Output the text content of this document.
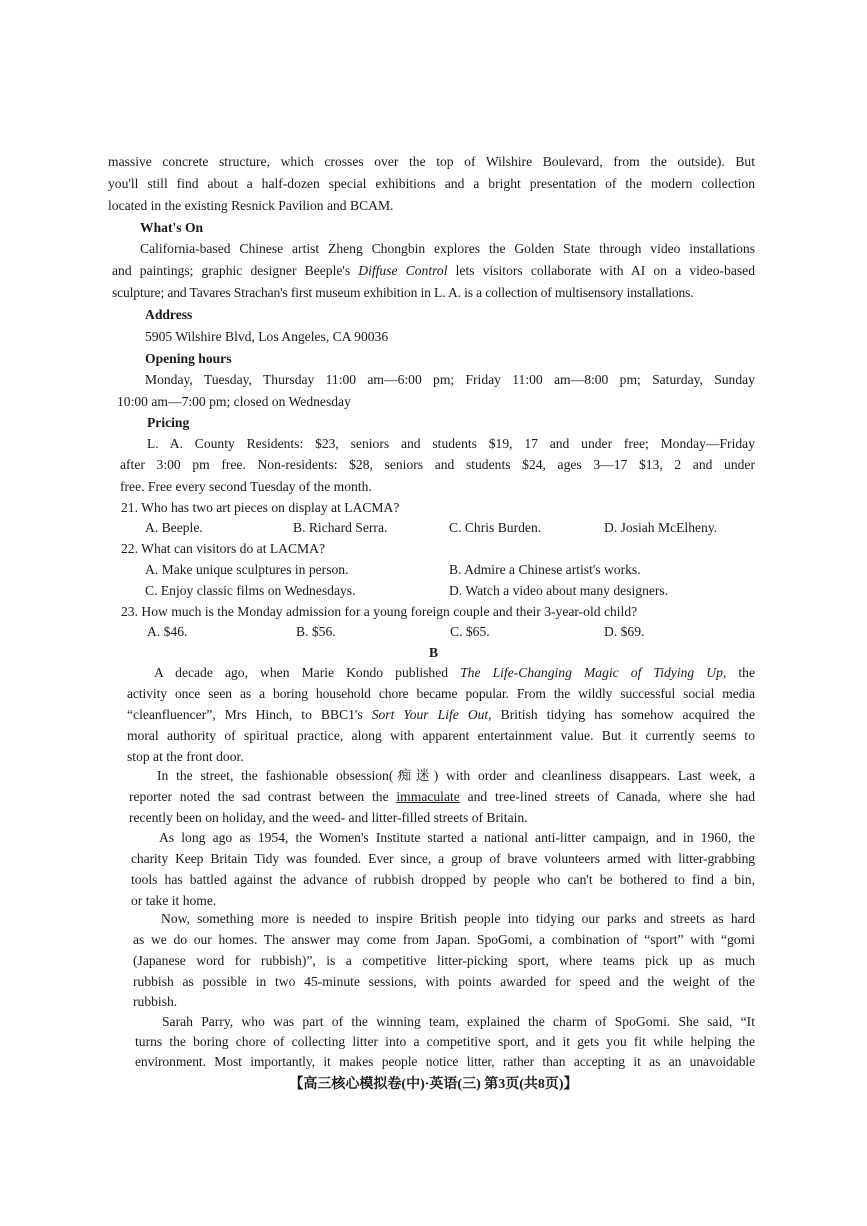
massive concrete structure, which crosses over the top of Wilshire Boulevard, from the outside). But

you'll still find about a half-dozen special exhibitions and a bright presentation of the modern collection

located in the existing Resnick Pavilion and BCAM.

What's On

California-based Chinese artist Zheng Chongbin explores the Golden State through video installations

and paintings; graphic designer Beeple's Diffuse Control lets visitors collaborate with AI on a video-based

sculpture; and Tavares Strachan's first museum exhibition in L. A. is a collection of multisensory installations.

Address

5905 Wilshire Blvd, Los Angeles, CA 90036

Opening hours

Monday, Tuesday, Thursday 11:00 am—6:00 pm; Friday 11:00 am—8:00 pm; Saturday, Sunday

10:00 am—7:00 pm; closed on Wednesday

Pricing

L. A. County Residents: $23, seniors and students $19, 17 and under free; Monday—Friday

after 3:00 pm free. Non-residents: $28, seniors and students $24, ages 3—17 $13, 2 and under

free. Free every second Tuesday of the month.

21. Who has two art pieces on display at LACMA?

A. Beeple.	B. Richard Serra.	C. Chris Burden.	D. Josiah McElheny.

22. What can visitors do at LACMA?

A. Make unique sculptures in person.	B. Admire a Chinese artist's works.
C. Enjoy classic films on Wednesdays.	D. Watch a video about many designers.

23. How much is the Monday admission for a young foreign couple and their 3-year-old child?

A. $46.	B. $56.	C. $65.	D. $69.

B

A decade ago, when Marie Kondo published The Life-Changing Magic of Tidying Up, the

activity once seen as a boring household chore became popular. From the wildly successful social media

“cleanfluencer”, Mrs Hinch, to BBC1's Sort Your Life Out, British tidying has somehow acquired the

moral authority of spiritual practice, along with apparent entertainment value. But it currently seems to

stop at the front door.

In the street, the fashionable obsession(痴迷) with order and cleanliness disappears. Last week, a

reporter noted the sad contrast between the immaculate and tree-lined streets of Canada, where she had

recently been on holiday, and the weed- and litter-filled streets of Britain.

As long ago as 1954, the Women's Institute started a national anti-litter campaign, and in 1960, the

charity Keep Britain Tidy was founded. Ever since, a group of brave volunteers armed with litter-grabbing

tools has battled against the advance of rubbish dropped by people who can't be bothered to find a bin,

or take it home.

Now, something more is needed to inspire British people into tidying our parks and streets as hard

as we do our homes. The answer may come from Japan. SpoGomi, a combination of “sport” with “gomi

(Japanese word for rubbish)”, is a competitive litter-picking sport, where teams pick up as much

rubbish as possible in two 45-minute sessions, with points awarded for speed and the weight of the

rubbish.

Sarah Parry, who was part of the winning team, explained the charm of SpoGomi. She said, “It

turns the boring chore of collecting litter into a competitive sport, and it gets you fit while helping the

environment. Most importantly, it makes people notice litter, rather than accepting it as an unavoidable

【高三核心模拟卷(中)·英语(三) 第3页(共8页)】
